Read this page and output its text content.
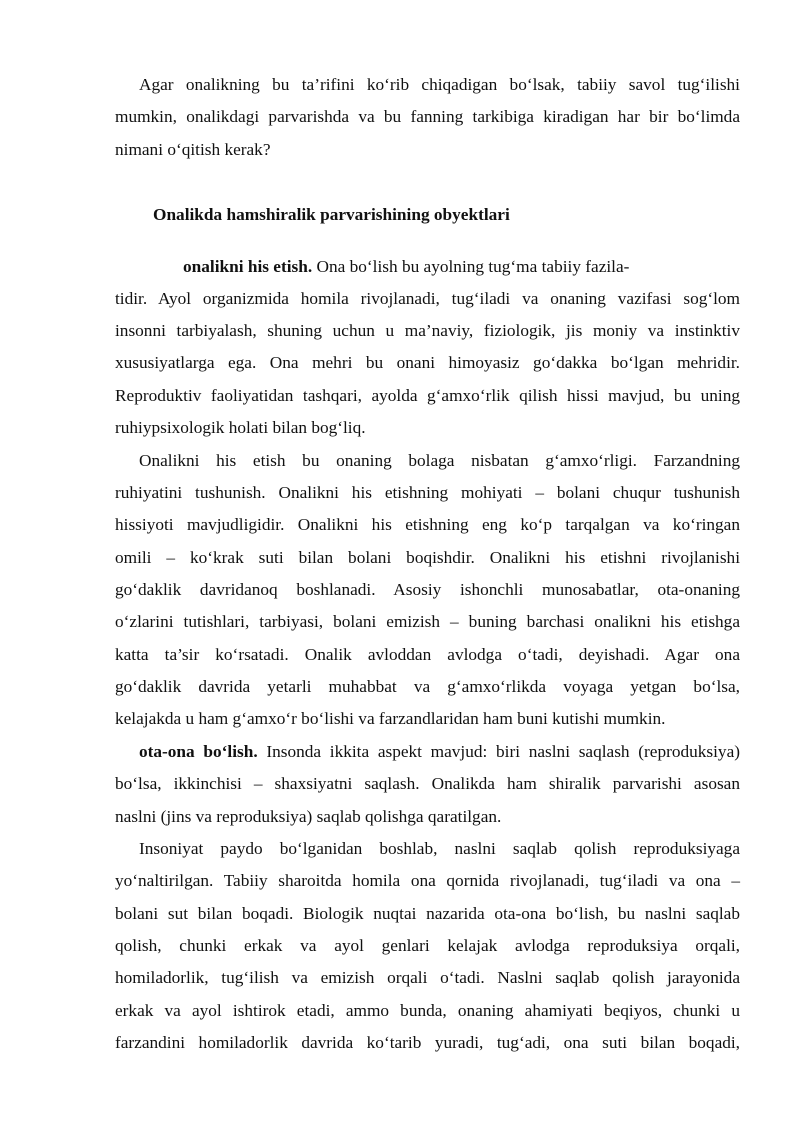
Agar onalikning bu ta’rifini ko‘rib chiqadigan bo‘lsak, tabiiy savol tug‘ilishi
mumkin, onalikdagi parvarishda va bu fanning tarkibiga kiradigan har bir bo‘limda
nimani o‘qitish kerak?
Onalikda hamshiralik parvarishining obyektlari
onalikni his etish. Ona bo‘lish bu ayolning tug‘ma tabiiy fazila-
tidir. Ayol organizmida homila rivojlanadi, tug‘iladi va onaning vazifasi sog‘lom
insonni tarbiyalash, shuning uchun u ma’naviy, fiziologik, jis moniy va instinktiv
xususiyatlarga ega. Ona mehri bu onani himoyasiz go‘dakka bo‘lgan mehridir.
Reproduktiv faoliyatidan tashqari, ayolda g‘amxo‘rlik qilish hissi mavjud, bu uning
ruhiypsixologik holati bilan bog‘liq.
Onalikni his etish bu onaning bolaga nisbatan g‘amxo‘rligi. Farzandning
ruhiyatini tushunish. Onalikni his etishning mohiyati – bolani chuqur tushunish
hissiyoti mavjudligidir. Onalikni his etishning eng ko‘p tarqalgan va ko‘ringan
omili – ko‘krak suti bilan bolani boqishdir. Onalikni his etishni rivojlanishi
go‘daklik davridanoq boshlanadi. Asosiy ishonchli munosabatlar, ota-onaning
o‘zlarini tutishlari, tarbiyasi, bolani emizish – buning barchasi onalikni his etishga
katta ta’sir ko‘rsatadi. Onalik avloddan avlodga o‘tadi, deyishadi. Agar ona
go‘daklik davrida yetarli muhabbat va g‘amxo‘rlikda voyaga yetgan bo‘lsa,
kelajakda u ham g‘amxo‘r bo‘lishi va farzandlaridan ham buni kutishi mumkin.
ota-ona bo‘lish. Insonda ikkita aspekt mavjud: biri naslni saqlash (reproduksiya)
bo‘lsa, ikkinchisi – shaxsiyatni saqlash. Onalikda ham shiralik parvarishi asosan
naslni (jins va reproduksiya) saqlab qolishga qaratilgan.
Insoniyat paydo bo‘lganidan boshlab, naslni saqlab qolish reproduksiyaga
yo‘naltirilgan. Tabiiy sharoitda homila ona qornida rivojlanadi, tug‘iladi va ona –
bolani sut bilan boqadi. Biologik nuqtai nazarida ota-ona bo‘lish, bu naslni saqlab
qolish, chunki erkak va ayol genlari kelajak avlodga reproduksiya orqali,
homiladorlik, tug‘ilish va emizish orqali o‘tadi. Naslni saqlab qolish jarayonida
erkak va ayol ishtirok etadi, ammo bunda, onaning ahamiyati beqiyos, chunki u
farzandini homiladorlik davrida ko‘tarib yuradi, tug‘adi, ona suti bilan boqadi,
